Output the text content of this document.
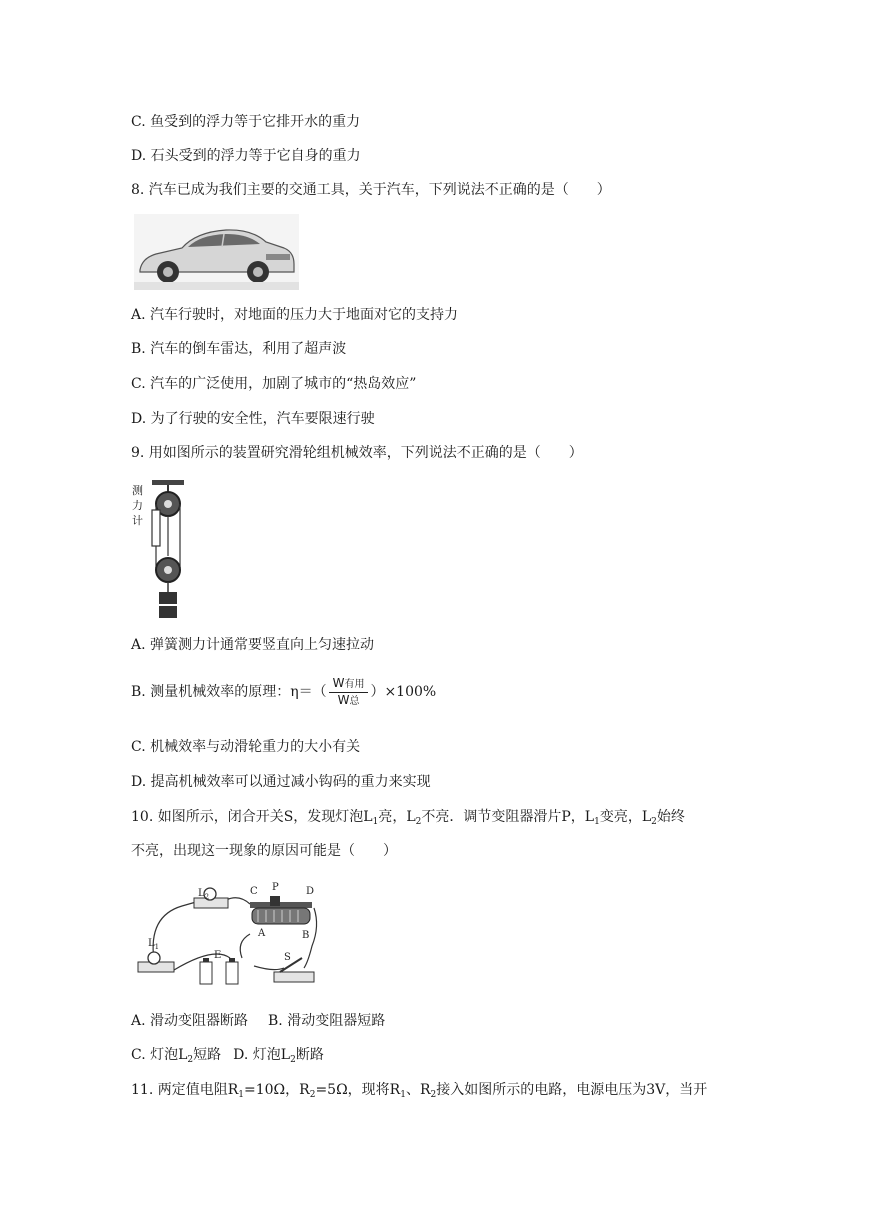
C. 鱼受到的浮力等于它排开水的重力
D. 石头受到的浮力等于它自身的重力
8. 汽车已成为我们主要的交通工具，关于汽车，下列说法不正确的是（　　）
A. 汽车行驶时，对地面的压力大于地面对它的支持力
B. 汽车的倒车雷达，利用了超声波
C. 汽车的广泛使用，加剧了城市的“热岛效应”
D. 为了行驶的安全性，汽车要限速行驶
9. 用如图所示的装置研究滑轮组机械效率，下列说法不正确的是（　　）
测
力
计
A. 弹簧测力计通常要竖直向上匀速拉动
B. 测量机械效率的原理：$\eta=( \frac{\text{W有用}}{\text{W总}} )\times 100\%$
C. 机械效率与动滑轮重力的大小有关
D. 提高机械效率可以通过减小钩码的重力来实现
10. 如图所示，闭合开关S，发现灯泡$L_1$亮，$L_2$不亮．调节变阻器滑片P，$L_1$变亮，$L_2$始终
不亮，出现这一现象的原因可能是（　　）
$L_2$
$L_1$
C P	D
A	B
E	S
A. 滑动变阻器断路 B. 滑动变阻器短路
C. 灯泡$L_2$短路 D. 灯泡$L_2$断路
11. 两定值电阻$R_1=10\Omega$，$R_2=5\Omega$，现将$R_1$、$R_2$接入如图所示的电路，电源电压为3V，当开
